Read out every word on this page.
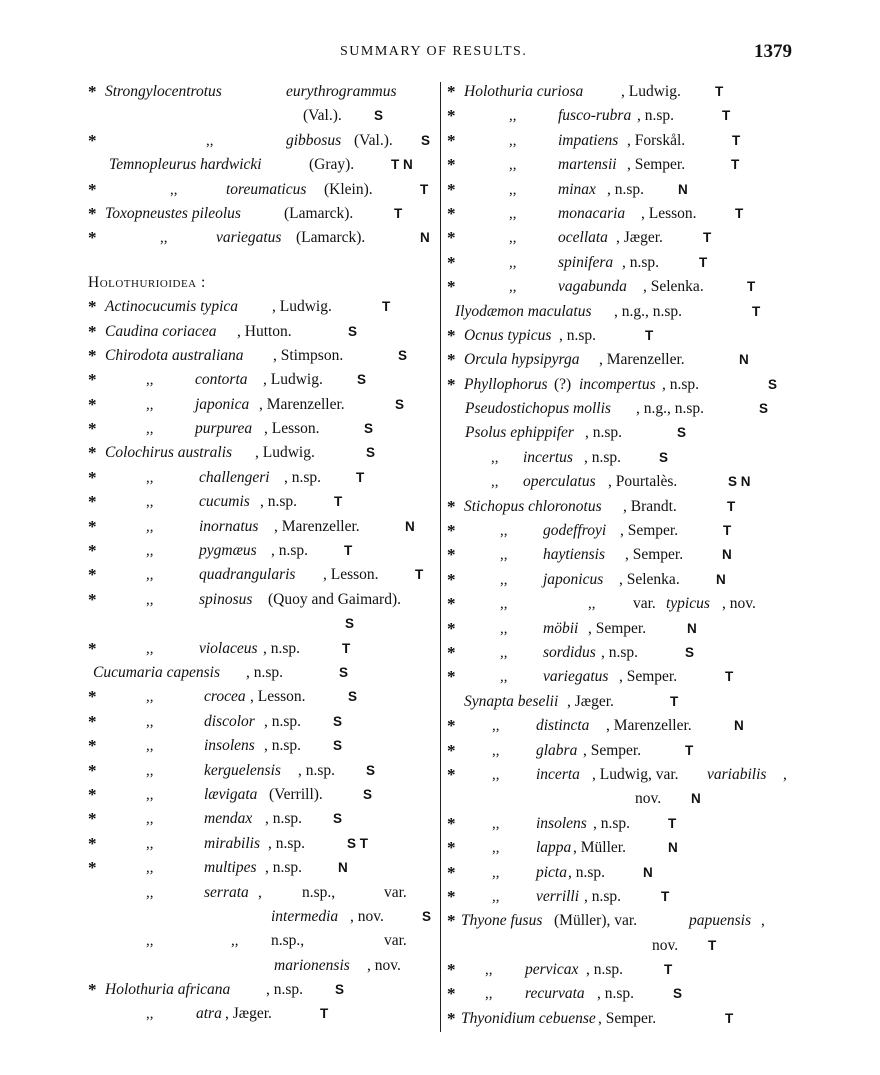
SUMMARY OF RESULTS.	1379
* Strongylocentrotus	eurythrogrammus
(Val.). S
*	,,	gibbosus (Val.). S
Temnopleurus hardwicki	(Gray).	T N
*	,,	toreumaticus (Klein).	T
* Toxopneustes pileolus	(Lamarck).	T
*	,,	variegatus (Lamarck).	N
Holothurioidea :
* Actinocucumis typica , Ludwig.	T
* Caudina coriacea , Hutton.	S
* Chirodota australiana , Stimpson.	S
*	,,	contorta , Ludwig.	S
*	,,	japonica , Marenzeller.	S
*	,,	purpurea , Lesson.	S
* Colochirus australis , Ludwig.	S
*	,,	challengeri , n.sp.	T
*	,,	cucumis , n.sp.	T
*	,,	inornatus , Marenzeller.	N
*	,,	pygmæus , n.sp.	T
*	,,	quadrangularis , Lesson.	T
*	,,	spinosus (Quoy and Gaimard).
S
*	,,	violaceus , n.sp.	T
Cucumaria capensis , n.sp.	S
*	,,	crocea , Lesson.	S
*	,,	discolor , n.sp. S
*	,,	insolens , n.sp. S
*	,,	kerguelensis , n.sp. S
*	,,	lævigata (Verrill).	S
*	,,	mendax , n.sp. S
*	,,	mirabilis , n.sp.	S T
*	,,	multipes , n.sp.	N
,,	serrata ,	n.sp.,	var.
intermedia , nov.	S
,,	,, n.sp.,	var.
marionensis , nov.
* Holothuria africana , n.sp. S
,,	atra , Jæger.	T
* Holothuria curiosa , Ludwig.	T
*	,,	fusco-rubra , n.sp.	T
*	,,	impatiens , Forskål.	T
*	,,	martensii , Semper.	T
*	,,	minax , n.sp.	N
*	,,	monacaria , Lesson.	T
*	,,	ocellata , Jæger.	T
*	,,	spinifera , n.sp.	T
*	,,	vagabunda , Selenka.	T
Ilyodæmon maculatus , n.g., n.sp.	T
* Ocnus typicus , n.sp.	T
* Orcula hypsipyrga , Marenzeller.	N
* Phyllophorus (?) incompertus , n.sp.	S
Pseudostichopus mollis , n.g., n.sp.	S
Psolus ephippifer , n.sp.	S
,, incertus , n.sp.	S
,, operculatus , Pourtalès.	S N
* Stichopus chloronotus , Brandt.	T
*	,, godeffroyi , Semper.	T
*	,, haytiensis , Semper.	N
*	,, japonicus , Selenka.	N
*	,,	,, var. typicus , nov.
*	,, möbii , Semper.	N
*	,, sordidus , n.sp.	S
*	,, variegatus , Semper.	T
Synapta beselii , Jæger.	T
* ,, distincta , Marenzeller.	N
* ,, glabra , Semper.	T
* ,, incerta , Ludwig, var. variabilis ,
nov. N
* ,, insolens , n.sp.	T
* ,, lappa , Müller.	N
* ,, picta , n.sp.	N
* ,, verrilli , n.sp.	T
* Thyone fusus (Müller), var.	papuensis ,
nov. T
* ,, pervicax , n.sp.	T
* ,, recurvata , n.sp.	S
* Thyonidium cebuense , Semper.	T
